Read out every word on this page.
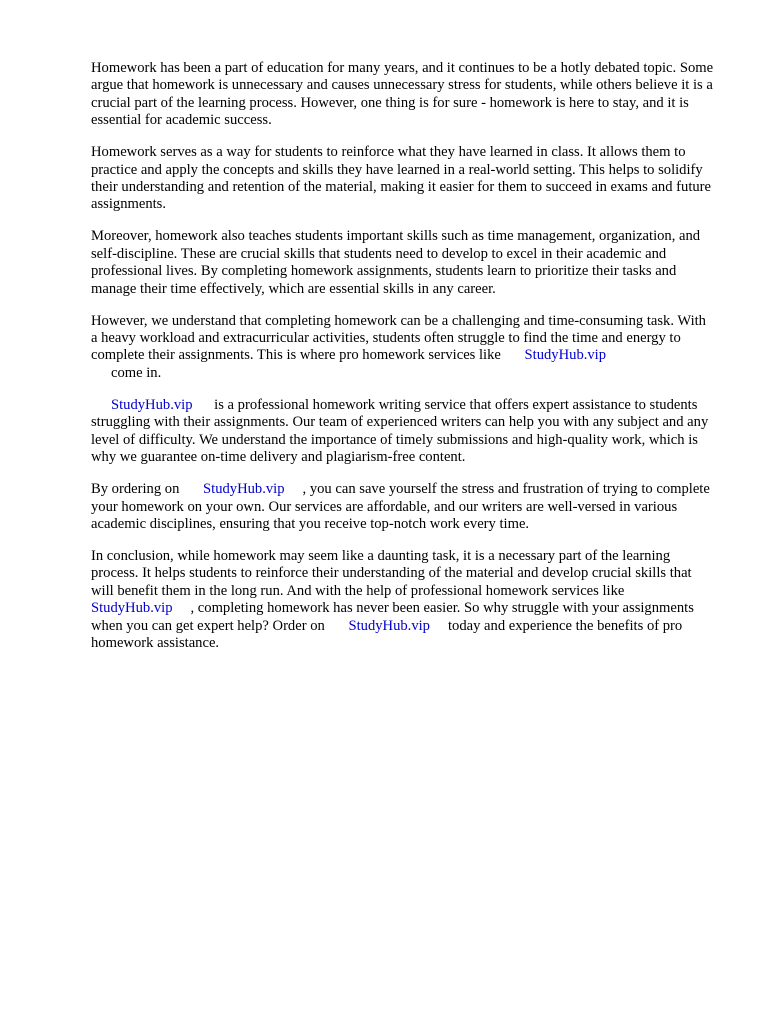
Homework has been a part of education for many years, and it continues to be a hotly debated topic. Some argue that homework is unnecessary and causes unnecessary stress for students, while others believe it is a crucial part of the learning process. However, one thing is for sure - homework is here to stay, and it is essential for academic success.

Homework serves as a way for students to reinforce what they have learned in class. It allows them to practice and apply the concepts and skills they have learned in a real-world setting. This helps to solidify their understanding and retention of the material, making it easier for them to succeed in exams and future assignments.

Moreover, homework also teaches students important skills such as time management, organization, and self-discipline. These are crucial skills that students need to develop to excel in their academic and professional lives. By completing homework assignments, students learn to prioritize their tasks and manage their time effectively, which are essential skills in any career.

However, we understand that completing homework can be a challenging and time-consuming task. With a heavy workload and extracurricular activities, students often struggle to find the time and energy to complete their assignments. This is where pro homework services like StudyHub.vip
come in.

StudyHub.vip is a professional homework writing service that offers expert assistance to students struggling with their assignments. Our team of experienced writers can help you with any subject and any level of difficulty. We understand the importance of timely submissions and high-quality work, which is why we guarantee on-time delivery and plagiarism-free content.

By ordering on StudyHub.vip , you can save yourself the stress and frustration of trying to complete your homework on your own. Our services are affordable, and our writers are well-versed in various academic disciplines, ensuring that you receive top-notch work every time.

In conclusion, while homework may seem like a daunting task, it is a necessary part of the learning process. It helps students to reinforce their understanding of the material and develop crucial skills that will benefit them in the long run. And with the help of professional homework services like StudyHub.vip , completing homework has never been easier. So why struggle with your assignments when you can get expert help? Order on StudyHub.vip today and experience the benefits of pro homework assistance.
